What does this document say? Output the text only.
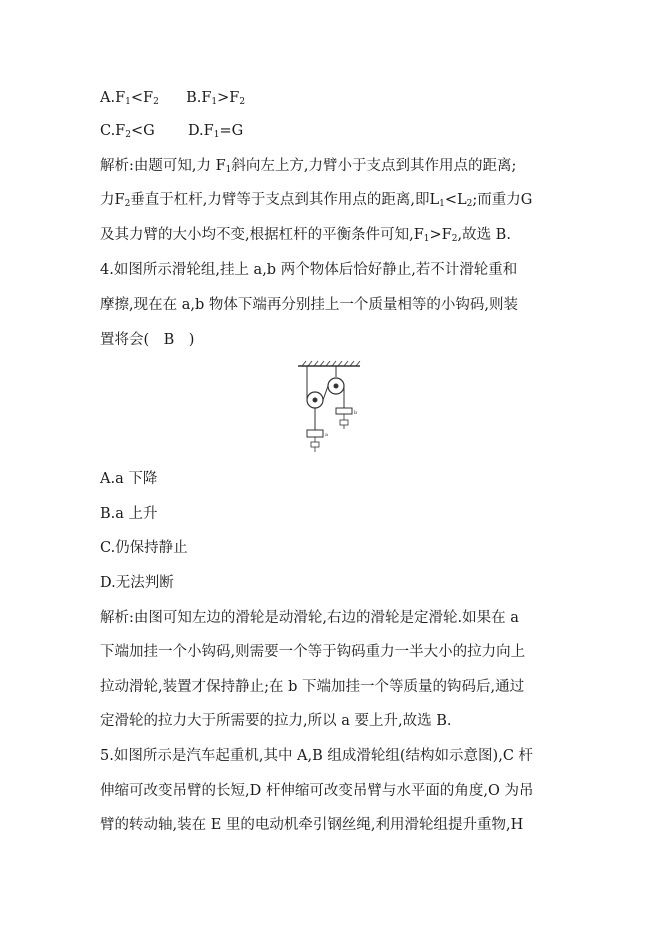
$A.F_1<F_2$ $B.F_1>F_2$
$C.F_2<G$ $D.F_1=G$
解析:由题可知,力 $F_1$斜向左上方,力臂小于支点到其作用点的距离;
力$F_2$垂直于杠杆,力臂等于支点到其作用点的距离,即$L_1<L_2$;而重力G
及其力臂的大小均不变,根据杠杆的平衡条件可知$,F_1>F_2$,故选 B.
4.如图所示滑轮组,挂上 a,b 两个物体后恰好静止,若不计滑轮重和
摩擦,现在在 a,b 物体下端再分别挂上一个质量相等的小钩码,则装
置将会(　B　)
b
a
A.a 下降
B.a 上升
C.仍保持静止
D.无法判断
解析:由图可知左边的滑轮是动滑轮,右边的滑轮是定滑轮.如果在 a
下端加挂一个小钩码,则需要一个等于钩码重力一半大小的拉力向上
拉动滑轮,装置才保持静止;在 b 下端加挂一个等质量的钩码后,通过
定滑轮的拉力大于所需要的拉力,所以 a 要上升,故选 B.
5.如图所示是汽车起重机,其中 A,B 组成滑轮组(结构如示意图),C 杆
伸缩可改变吊臂的长短,D 杆伸缩可改变吊臂与水平面的角度,O 为吊
臂的转动轴,装在 E 里的电动机牵引钢丝绳,利用滑轮组提升重物,H
